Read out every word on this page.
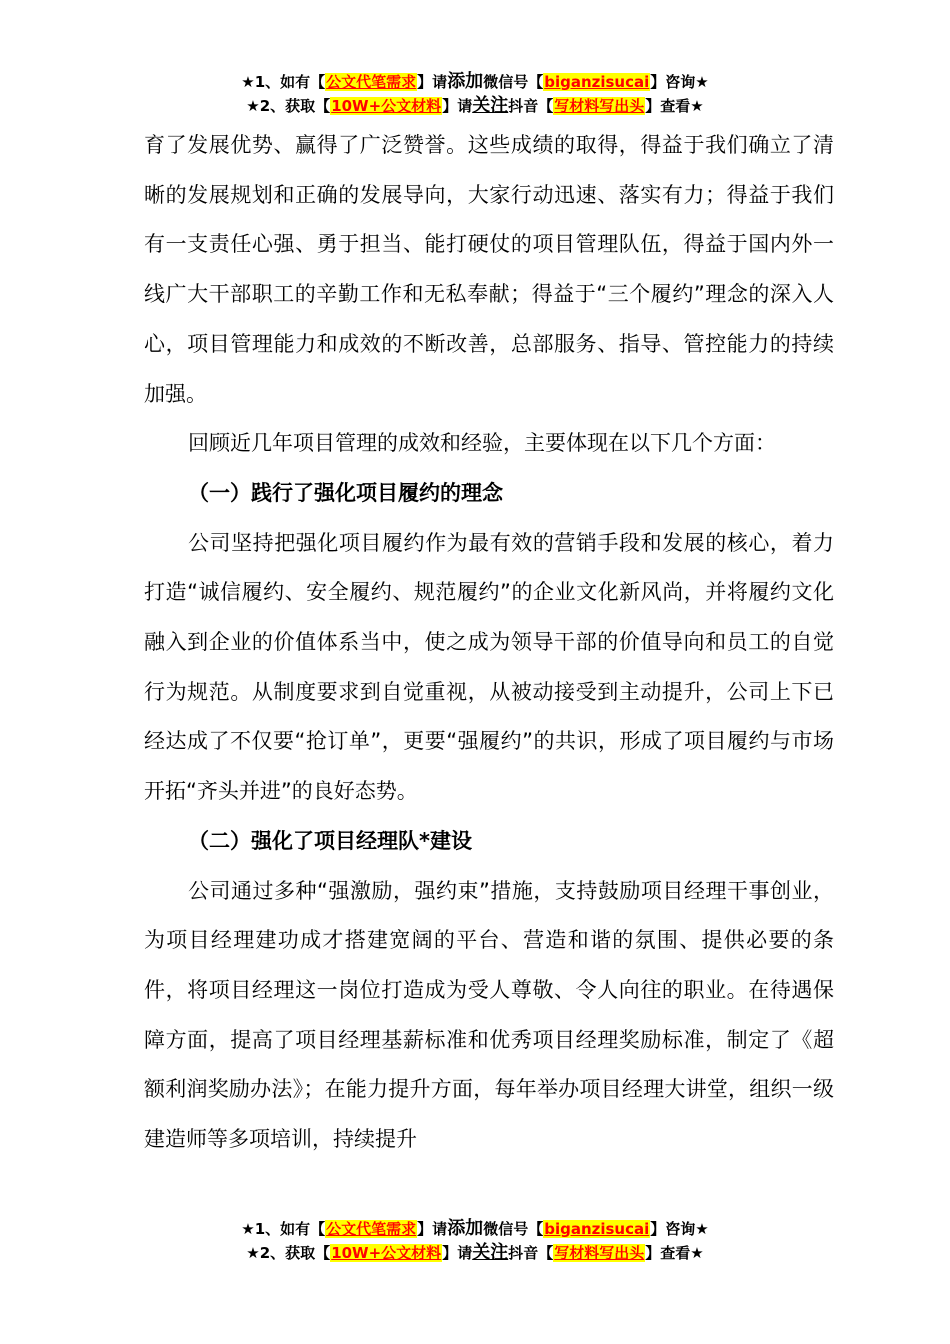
★1、如有【公文代笔需求】请添加微信号【biganzisucai】咨询★
★2、获取【10W+公文材料】请关注抖音【写材料写出头】查看★

育了发展优势、赢得了广泛赞誉。这些成绩的取得，得益于我们确立了清晰的发展规划和正确的发展导向，大家行动迅速、落实有力；得益于我们有一支责任心强、勇于担当、能打硬仗的项目管理队伍，得益于国内外一线广大干部职工的辛勤工作和无私奉献；得益于“三个履约”理念的深入人心，项目管理能力和成效的不断改善，总部服务、指导、管控能力的持续加强。

回顾近几年项目管理的成效和经验，主要体现在以下几个方面：

（一）践行了强化项目履约的理念

公司坚持把强化项目履约作为最有效的营销手段和发展的核心，着力打造“诚信履约、安全履约、规范履约”的企业文化新风尚，并将履约文化融入到企业的价值体系当中，使之成为领导干部的价值导向和员工的自觉行为规范。从制度要求到自觉重视，从被动接受到主动提升，公司上下已经达成了不仅要“抢订单”，更要“强履约”的共识，形成了项目履约与市场开拓“齐头并进”的良好态势。

（二）强化了项目经理队*建设

公司通过多种“强激励，强约束”措施，支持鼓励项目经理干事创业，为项目经理建功成才搭建宽阔的平台、营造和谐的氛围、提供必要的条件，将项目经理这一岗位打造成为受人尊敬、令人向往的职业。在待遇保障方面，提高了项目经理基薪标准和优秀项目经理奖励标准，制定了《超额利润奖励办法》；在能力提升方面，每年举办项目经理大讲堂，组织一级建造师等多项培训，持续提升

★1、如有【公文代笔需求】请添加微信号【biganzisucai】咨询★
★2、获取【10W+公文材料】请关注抖音【写材料写出头】查看★
